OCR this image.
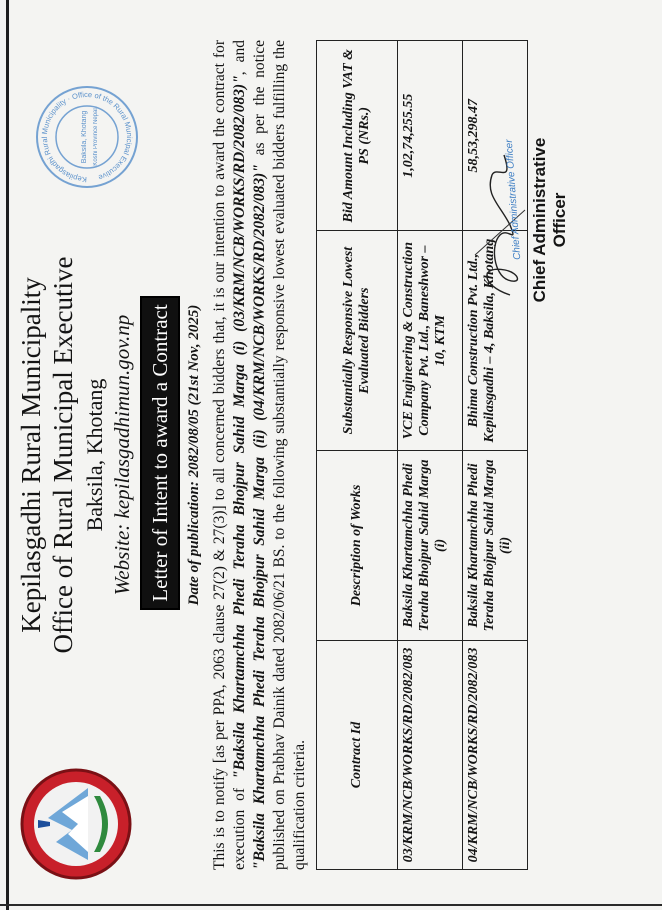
Kepilasgadhi Rural Municipality Office of Rural Municipal Executive Baksila, Khotang Website: kepilasgadhimun.gov.np
Kepilasgadhi Rural Municipality · Office of the Rural Municipal Executive
Baksila, Khotang Koshi Province Nepal
Letter of Intent to award a Contract Date of publication: 2082/08/05 (21st Nov, 2025) This is to notify [as per PPA, 2063 clause 27(2) & 27(3)] to all concerned bidders that, it is our intention to award the contract for execution of "Baksila Khartamchha Phedi Teraha Bhojpur Sahid Marga (i) (03/KRM/NCB/WORKS/RD/2082/083)", and "Baksila Khartamchha Phedi Teraha Bhojpur Sahid Marga (ii) (04/KRM/NCB/WORKS/RD/2082/083)" as per the notice published on Prabhav Dainik dated 2082/06/21 BS. to the following substantially responsive lowest evaluated bidders fulfilling the qualification criteria.	Contract Id	Description of Works	Substantially Responsive Lowest Evaluated Bidders	Bid Amount Including VAT & PS (NRs.)
03/KRM/NCB/WORKS/RD/2082/083	Baksila Khartamchha Phedi Teraha Bhojpur Sahid Marga (i)	VCE Engineering & Construction Company Pvt. Ltd., Baneshwor – 10, KTM	1,02,74,255.55
04/KRM/NCB/WORKS/RD/2082/083	Baksila Khartamchha Phedi Teraha Bhojpur Sahid Marga (ii)	Bhima Construction Pvt. Ltd., Kepilasgadhi – 4, Baksila, Khotang	58,53,298.47
Chief Administrative Officer Chief Administrative Officer
